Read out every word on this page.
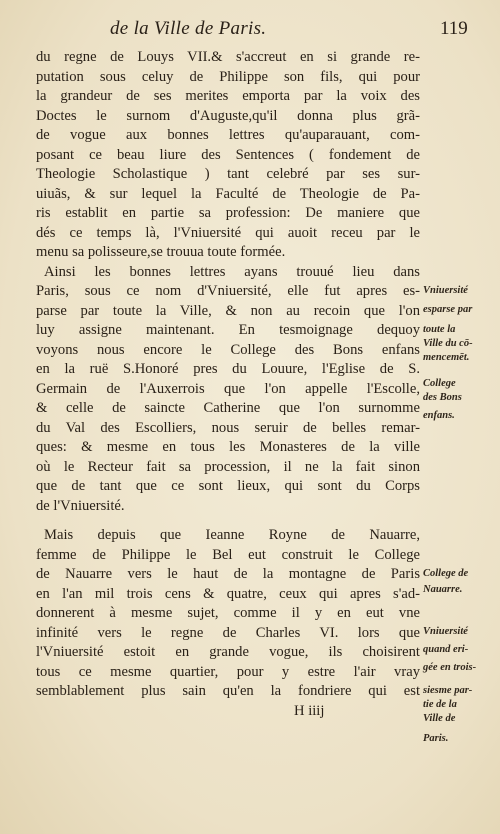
de la Ville de Paris.	119
du regne de Louys VII.& s'accreut en si grande re-
putation sous celuy de Philippe son fils, qui pour
la grandeur de ses merites emporta par la voix des
Doctes le surnom d'Auguste,qu'il donna plus grã-
de vogue aux bonnes lettres qu'auparauant, com-
posant ce beau liure des Sentences ( fondement de
Theologie Scholastique ) tant celebré par ses sur-
uiuãs, & sur lequel la Faculté de Theologie de Pa-
ris establit en partie sa profession: De maniere que
dés ce temps là, l'Vniuersité qui auoit receu par le
menu sa polisseure,se trouua toute formée.
Ainsi les bonnes lettres ayans trouué lieu dans
Paris, sous ce nom d'Vniuersité, elle fut apres es-
parse par toute la Ville, & non au recoin que l'on
luy assigne maintenant. En tesmoignage dequoy
voyons nous encore le College des Bons enfans
en la ruë S.Honoré pres du Louure, l'Eglise de S.
Germain de l'Auxerrois que l'on appelle l'Escolle,
& celle de saincte Catherine que l'on surnomme
du Val des Escolliers, nous seruir de belles remar-
ques: & mesme en tous les Monasteres de la ville
où le Recteur fait sa procession, il ne la fait sinon
que de tant que ce sont lieux, qui sont du Corps
de l'Vniuersité.
Mais depuis que Ieanne Royne de Nauarre,
femme de Philippe le Bel eut construit le College
de Nauarre vers le haut de la montagne de Paris
en l'an mil trois cens & quatre, ceux qui apres s'ad-
donnerent à mesme sujet, comme il y en eut vne
infinité vers le regne de Charles VI. lors que
l'Vniuersité estoit en grande vogue, ils choisirent
tous ce mesme quartier, pour y estre l'air vray
semblablement plus sain qu'en la fondriere qui est
H iiij
Vniuersité
esparse par
toute la
Ville du cō-
mencemēt.
College
des Bons
enfans.
College de
Nauarre.
Vniuersité
quand eri-
gée en trois-
siesme par-
tie de la
Ville de
Paris.
